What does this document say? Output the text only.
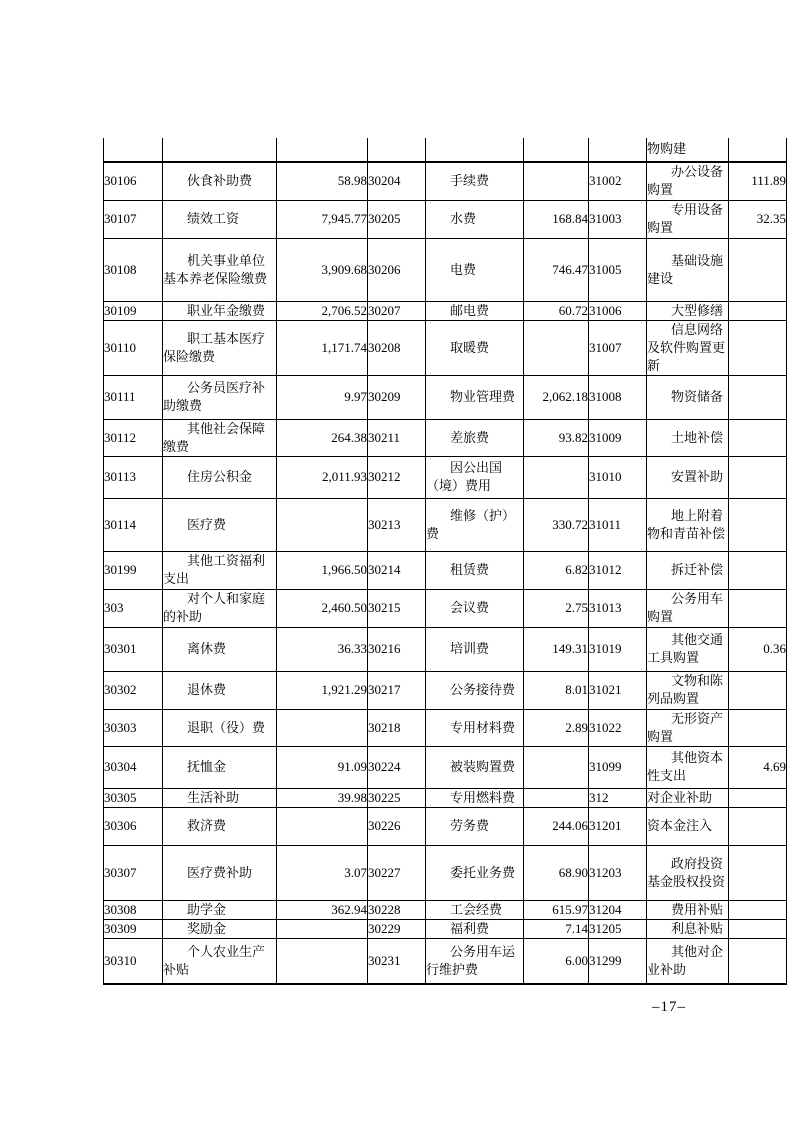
							物购建	
30106	伙食补助费	58.98	30204	手续费		31002	办公设备购置	111.89
30107	绩效工资	7,945.77	30205	水费	168.84	31003	专用设备购置	32.35
30108	机关事业单位基本养老保险缴费	3,909.68	30206	电费	746.47	31005	基础设施建设	
30109	职业年金缴费	2,706.52	30207	邮电费	60.72	31006	大型修缮	
30110	职工基本医疗保险缴费	1,171.74	30208	取暖费		31007	信息网络及软件购置更新	
30111	公务员医疗补助缴费	9.97	30209	物业管理费	2,062.18	31008	物资储备	
30112	其他社会保障缴费	264.38	30211	差旅费	93.82	31009	土地补偿	
30113	住房公积金	2,011.93	30212	因公出国（境）费用		31010	安置补助	
30114	医疗费		30213	维修（护）费	330.72	31011	地上附着物和青苗补偿	
30199	其他工资福利支出	1,966.50	30214	租赁费	6.82	31012	拆迁补偿	
303	对个人和家庭的补助	2,460.50	30215	会议费	2.75	31013	公务用车购置	
30301	离休费	36.33	30216	培训费	149.31	31019	其他交通工具购置	0.36
30302	退休费	1,921.29	30217	公务接待费	8.01	31021	文物和陈列品购置	
30303	退职（役）费		30218	专用材料费	2.89	31022	无形资产购置	
30304	抚恤金	91.09	30224	被装购置费		31099	其他资本性支出	4.69
30305	生活补助	39.98	30225	专用燃料费		312	对企业补助	
30306	救济费		30226	劳务费	244.06	31201	资本金注入	
30307	医疗费补助	3.07	30227	委托业务费	68.90	31203	政府投资基金股权投资	
30308	助学金	362.94	30228	工会经费	615.97	31204	费用补贴	
30309	奖励金		30229	福利费	7.14	31205	利息补贴	
30310	个人农业生产补贴		30231	公务用车运行维护费	6.00	31299	其他对企业补助	
–17–
